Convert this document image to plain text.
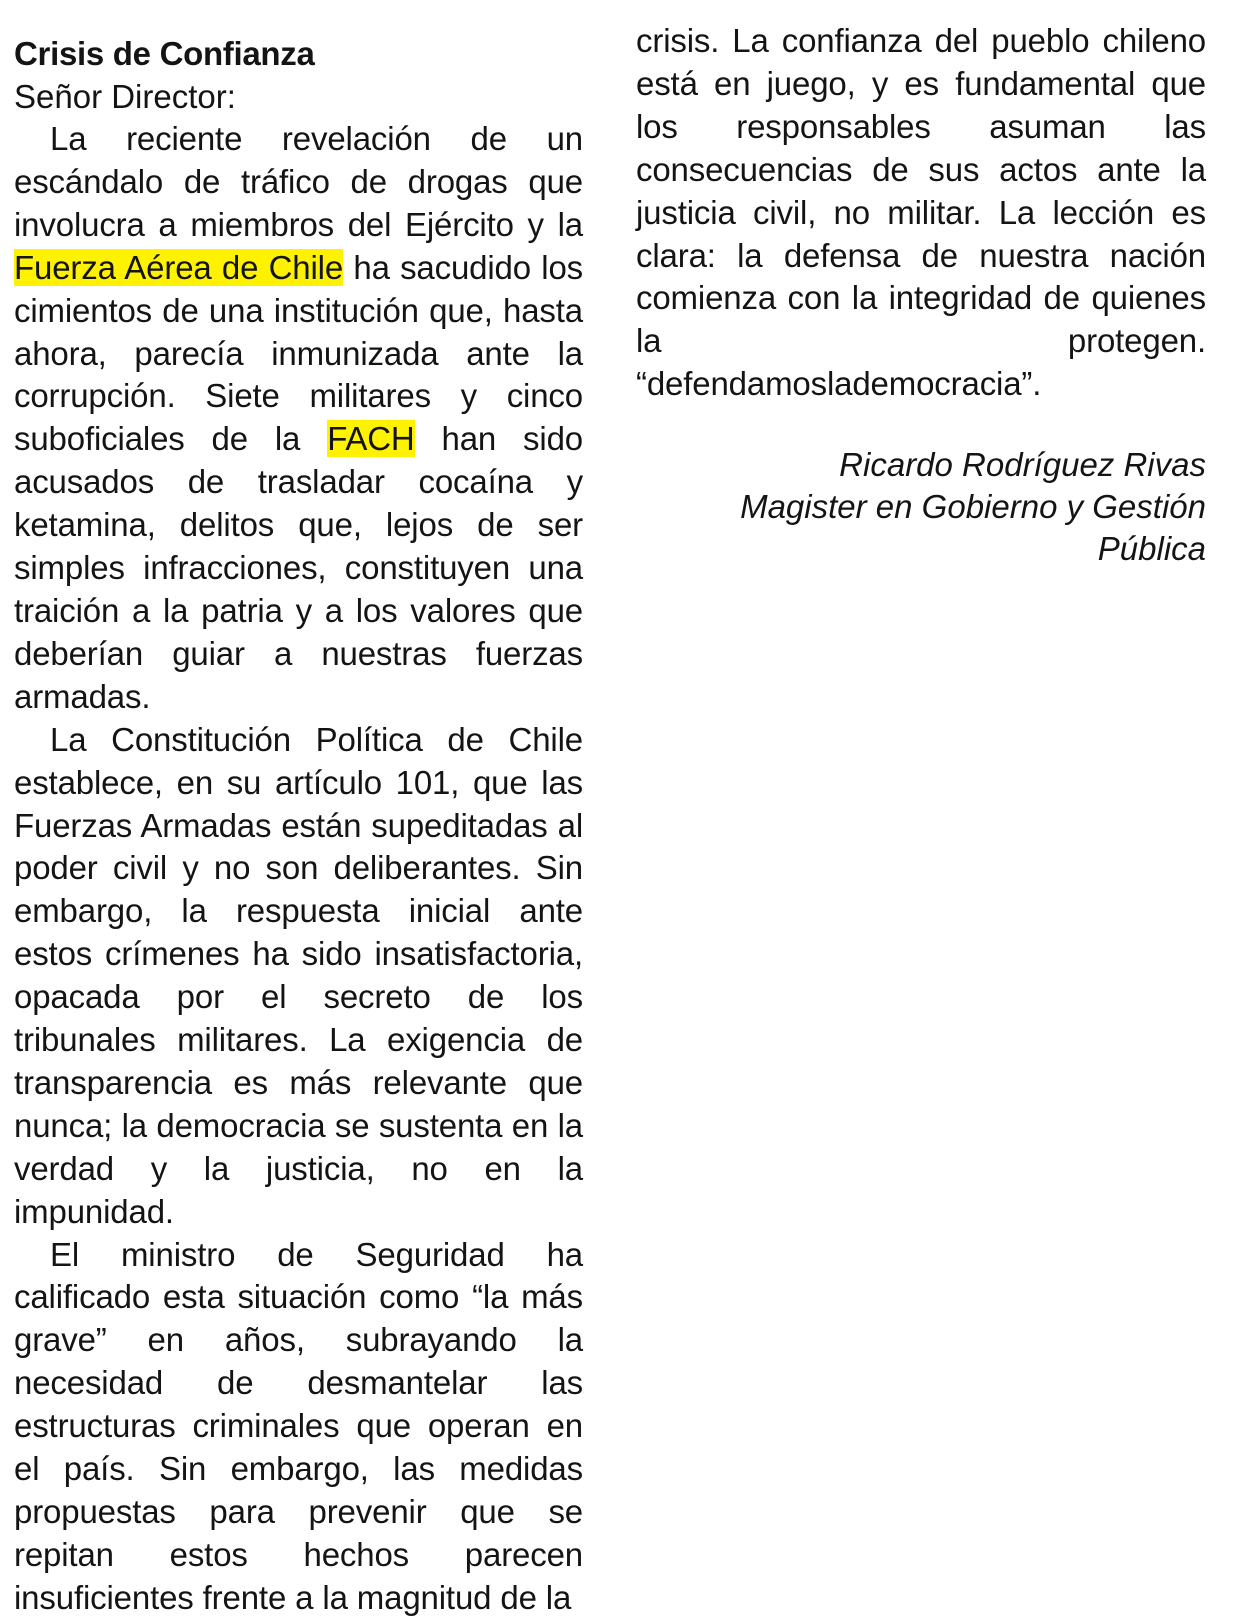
Crisis de Confianza

Señor Director:

La reciente revelación de un escándalo de tráfico de drogas que involucra a miembros del Ejército y la Fuerza Aérea de Chile ha sacudido los cimientos de una institución que, hasta ahora, parecía inmunizada ante la corrupción. Siete militares y cinco suboficiales de la FACH han sido acusados de trasladar cocaína y ketamina, delitos que, lejos de ser simples infracciones, constituyen una traición a la patria y a los valores que deberían guiar a nuestras fuerzas armadas.

La Constitución Política de Chile establece, en su artículo 101, que las Fuerzas Armadas están supeditadas al poder civil y no son deliberantes. Sin embargo, la respuesta inicial ante estos crímenes ha sido insatisfactoria, opacada por el secreto de los tribunales militares. La exigencia de transparencia es más relevante que nunca; la democracia se sustenta en la verdad y la justicia, no en la impunidad.

El ministro de Seguridad ha calificado esta situación como “la más grave” en años, subrayando la necesidad de desmantelar las estructuras criminales que operan en el país. Sin embargo, las medidas propuestas para prevenir que se repitan estos hechos parecen insuficientes frente a la magnitud de la

crisis. La confianza del pueblo chileno está en juego, y es fundamental que los responsables asuman las consecuencias de sus actos ante la justicia civil, no militar. La lección es clara: la defensa de nuestra nación comienza con la integridad de quienes la protegen. “defendamoslademocracia”.

Ricardo Rodríguez Rivas
Magister en Gobierno y Gestión Pública
